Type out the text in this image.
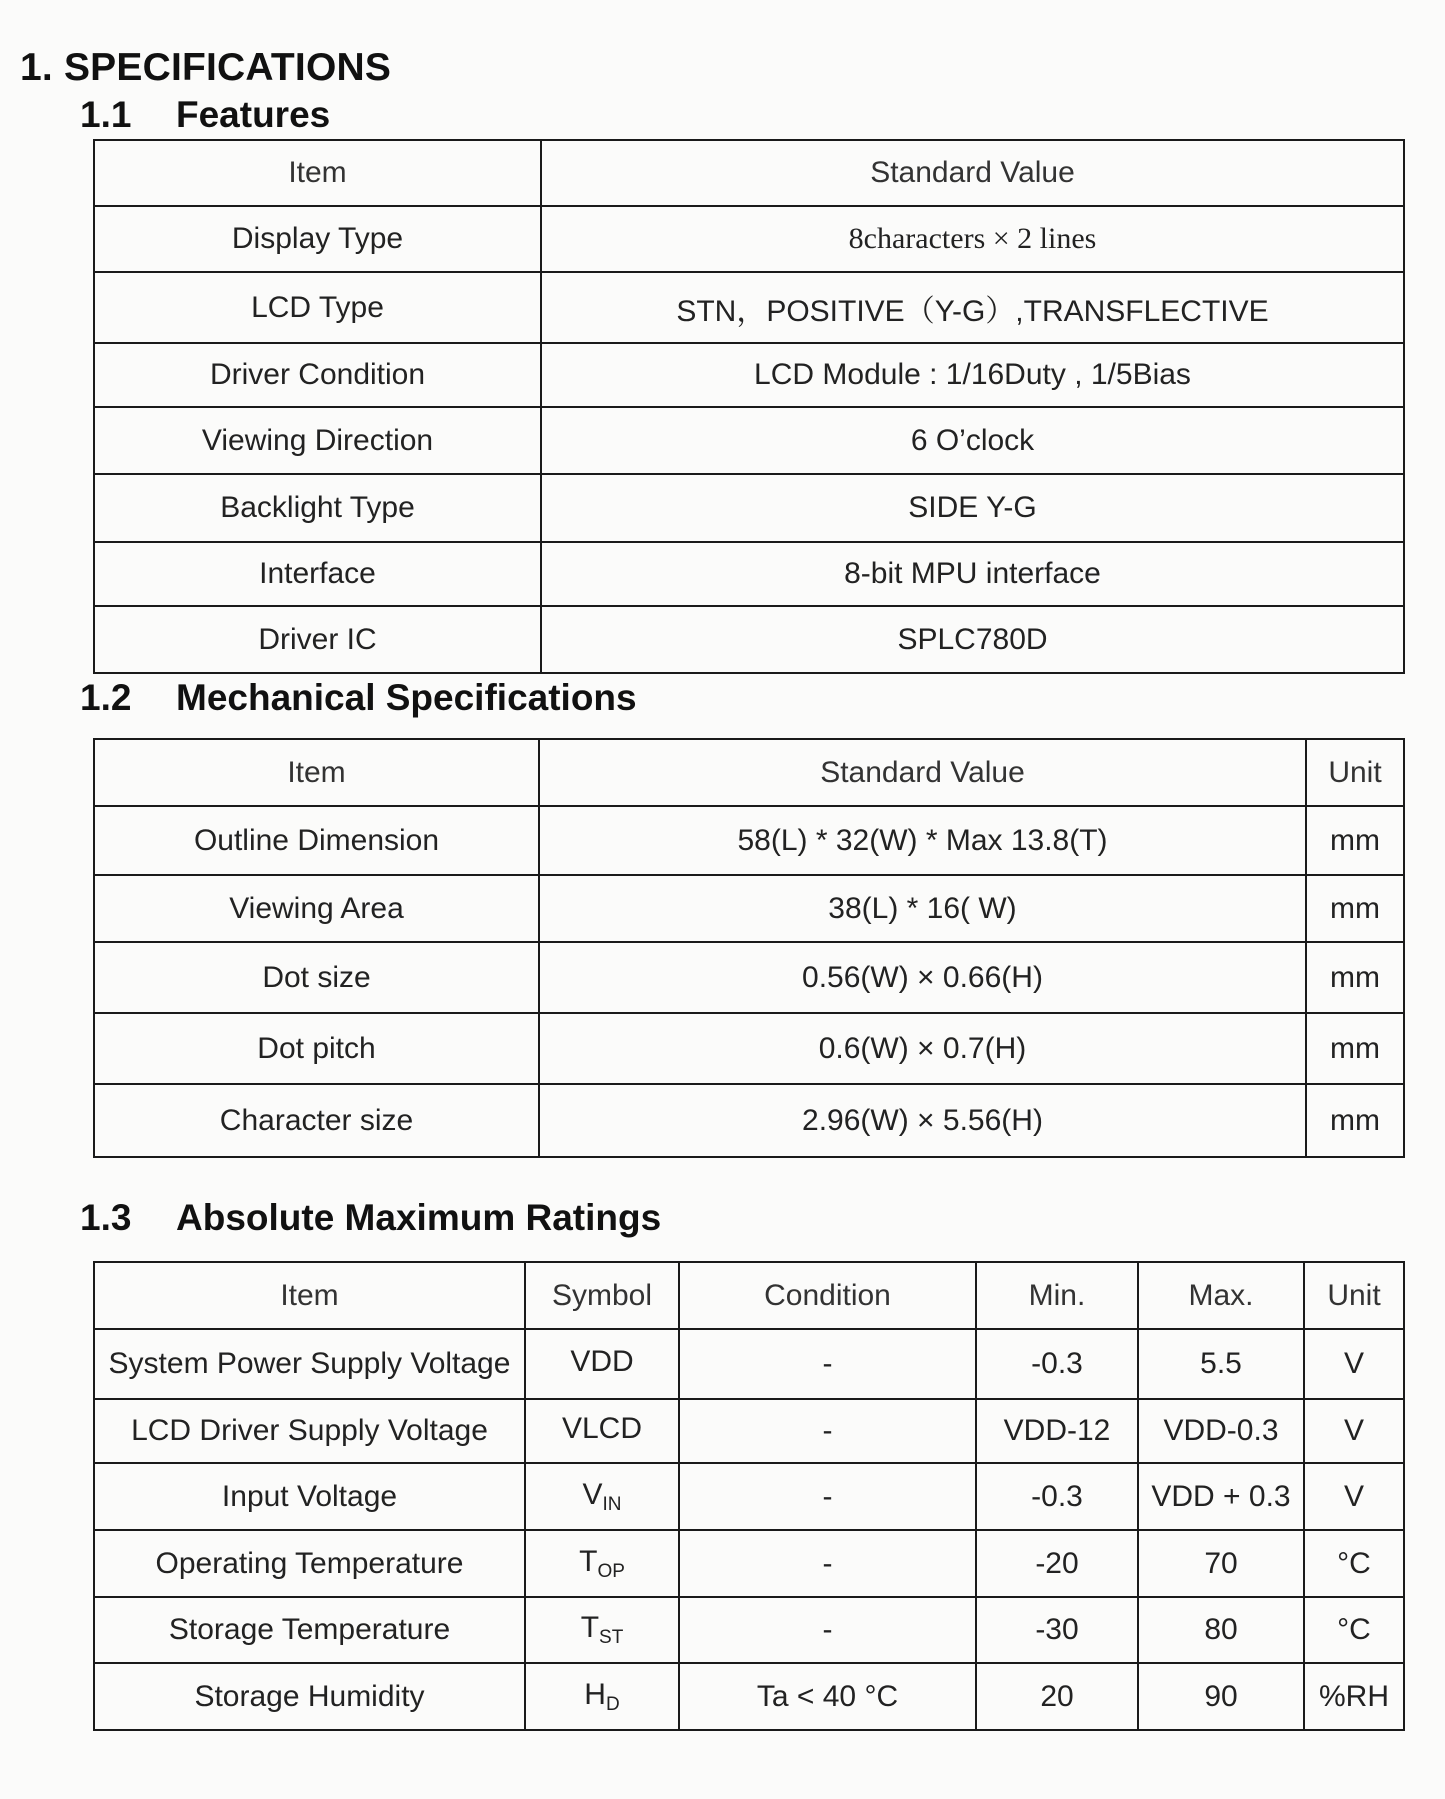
1. SPECIFICATIONS
1.1 Features
Item	Standard Value
Display Type	8characters × 2 lines
LCD Type	STN，POSITIVE（Y-G）,TRANSFLECTIVE
Driver Condition	LCD Module : 1/16Duty , 1/5Bias
Viewing Direction	6 O’clock
Backlight Type	SIDE Y-G
Interface	8-bit MPU interface
Driver IC	SPLC780D
1.2 Mechanical Specifications
Item	Standard Value	Unit
Outline Dimension	58(L) * 32(W) * Max 13.8(T)	mm
Viewing Area	38(L) * 16( W)	mm
Dot size	0.56(W) × 0.66(H)	mm
Dot pitch	0.6(W) × 0.7(H)	mm
Character size	2.96(W) × 5.56(H)	mm
1.3 Absolute Maximum Ratings
Item	Symbol	Condition	Min.	Max.	Unit
System Power Supply Voltage	VDD	-	-0.3	5.5	V
LCD Driver Supply Voltage	VLCD	-	VDD-12	VDD-0.3	V
Input Voltage	$V_{IN}$	-	-0.3	VDD + 0.3	V
Operating Temperature	$T_{OP}$	-	-20	70	°C
Storage Temperature	$T_{ST}$	-	-30	80	°C
Storage Humidity	$H_D$	Ta < 40 °C	20	90	%RH
